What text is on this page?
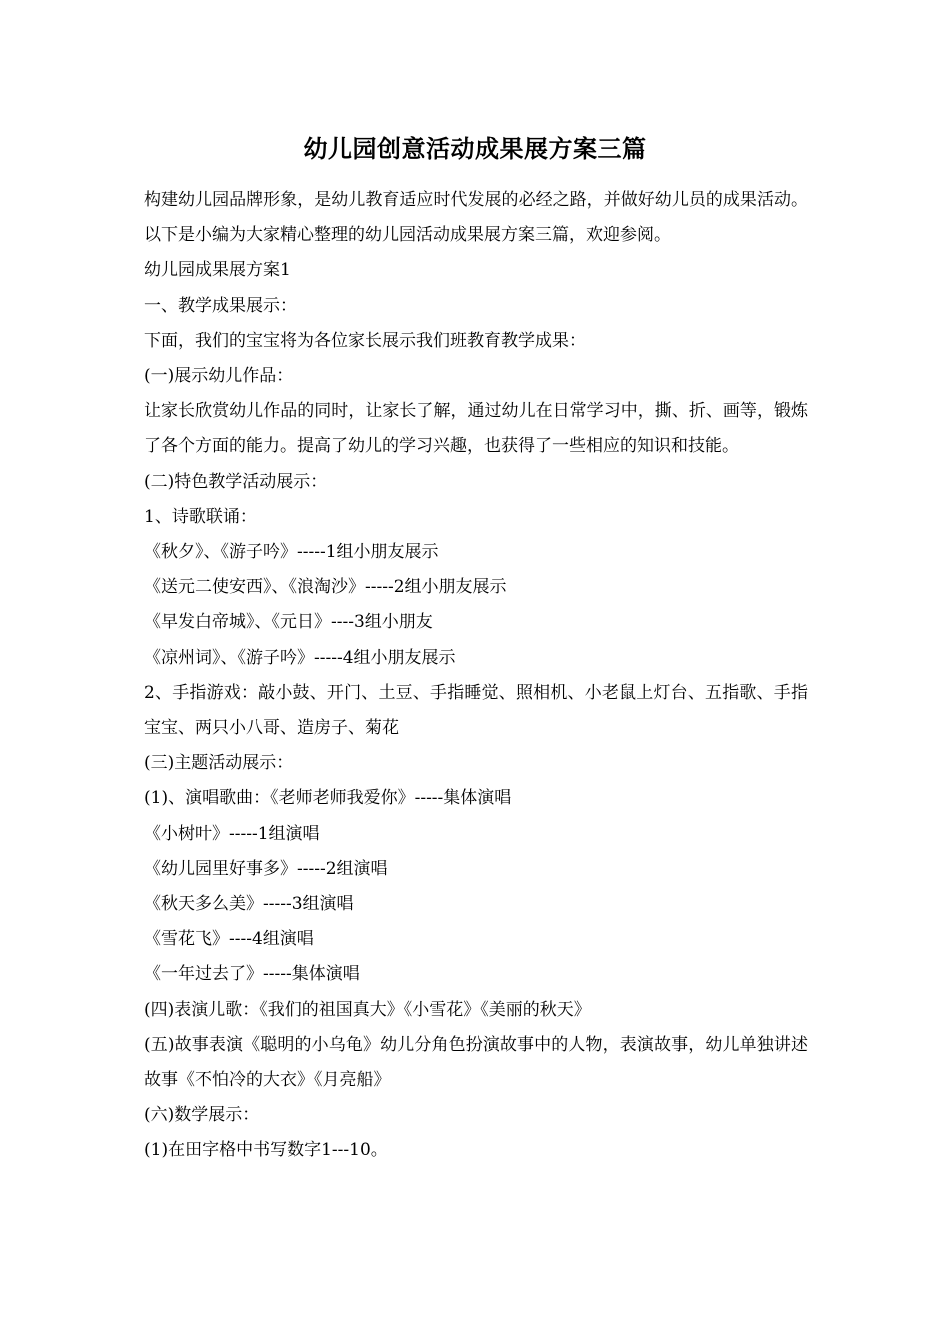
幼儿园创意活动成果展方案三篇

构建幼儿园品牌形象，是幼儿教育适应时代发展的必经之路，并做好幼儿员的成果活动。以下是小编为大家精心整理的幼儿园活动成果展方案三篇，欢迎参阅。

幼儿园成果展方案1

一、教学成果展示：

下面，我们的宝宝将为各位家长展示我们班教育教学成果：

(一)展示幼儿作品：

让家长欣赏幼儿作品的同时，让家长了解，通过幼儿在日常学习中，撕、折、画等，锻炼了各个方面的能力。提高了幼儿的学习兴趣，也获得了一些相应的知识和技能。

(二)特色教学活动展示：

1、诗歌联诵：

《秋夕》、《游子吟》-----1组小朋友展示

《送元二使安西》、《浪淘沙》-----2组小朋友展示

《早发白帝城》、《元日》----3组小朋友

《凉州词》、《游子吟》-----4组小朋友展示

2、手指游戏：敲小鼓、开门、土豆、手指睡觉、照相机、小老鼠上灯台、五指歌、手指宝宝、两只小八哥、造房子、菊花

(三)主题活动展示：

(1)、演唱歌曲：《老师老师我爱你》-----集体演唱

《小树叶》-----1组演唱

《幼儿园里好事多》-----2组演唱

《秋天多么美》-----3组演唱

《雪花飞》----4组演唱

《一年过去了》-----集体演唱

(四)表演儿歌：《我们的祖国真大》《小雪花》《美丽的秋天》

(五)故事表演《聪明的小乌龟》幼儿分角色扮演故事中的人物，表演故事，幼儿单独讲述故事《不怕冷的大衣》《月亮船》

(六)数学展示：

(1)在田字格中书写数字1---10。
